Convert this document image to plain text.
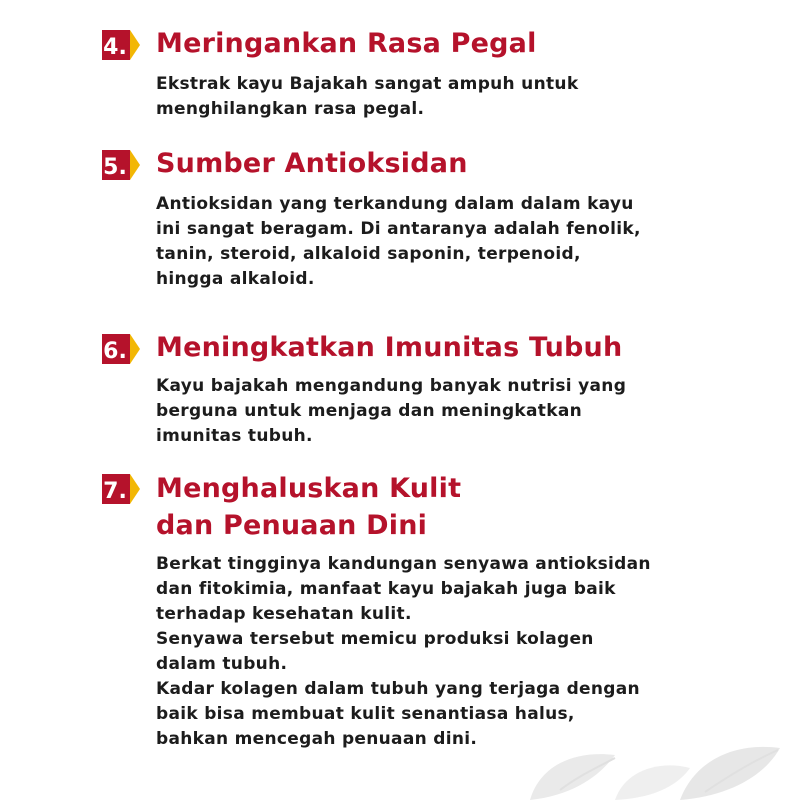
4. Meringankan Rasa Pegal

Ekstrak kayu Bajakah sangat ampuh untuk
menghilangkan rasa pegal.

5. Sumber Antioksidan

Antioksidan yang terkandung dalam dalam kayu
ini sangat beragam. Di antaranya adalah fenolik,
tanin, steroid, alkaloid saponin, terpenoid,
hingga alkaloid.

6. Meningkatkan Imunitas Tubuh

Kayu bajakah mengandung banyak nutrisi yang
berguna untuk menjaga dan meningkatkan
imunitas tubuh.

7. Menghaluskan Kulit
dan Penuaan Dini

Berkat tingginya kandungan senyawa antioksidan
dan fitokimia, manfaat kayu bajakah juga baik
terhadap kesehatan kulit.
Senyawa tersebut memicu produksi kolagen
dalam tubuh.
Kadar kolagen dalam tubuh yang terjaga dengan
baik bisa membuat kulit senantiasa halus,
bahkan mencegah penuaan dini.
